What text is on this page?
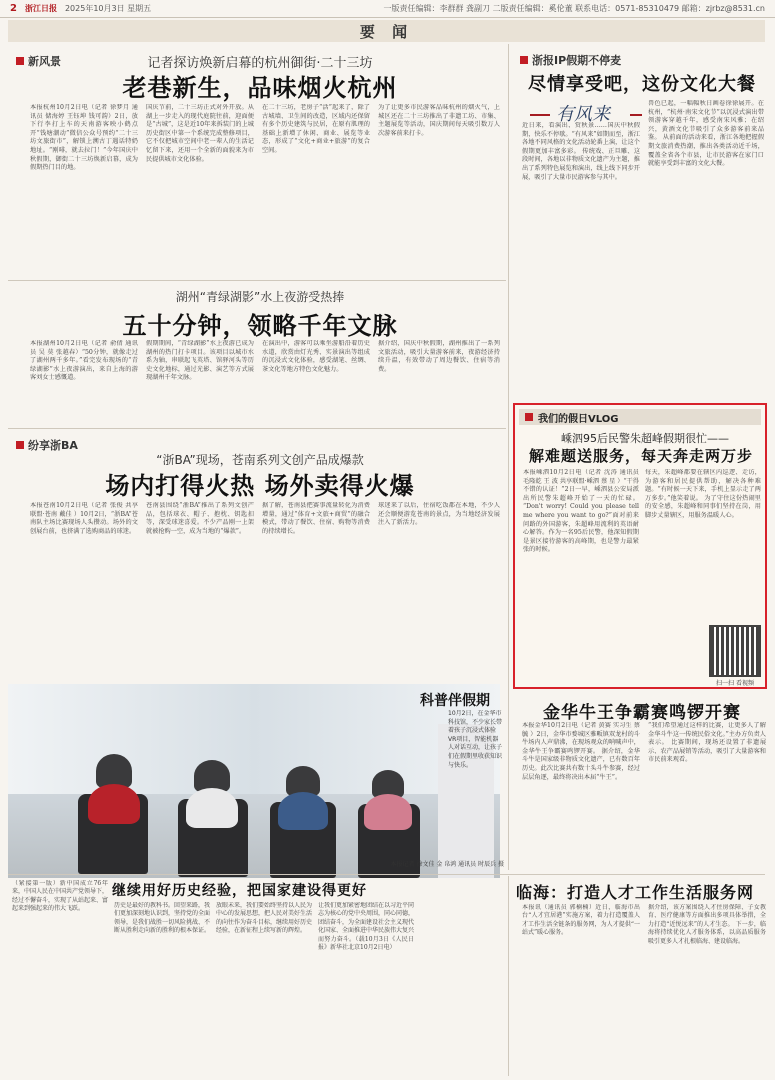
2 浙江日报 2025年10月3日 星期五	一版责任编辑：李群群 龚副刀 二版责任编辑：奚伦董 联系电话：0571-85310479 邮箱：zjrbz@8531.cn
要 闻
新风景	记者探访焕新启幕的杭州御街·二十三坊
老巷新生，品味烟火杭州
本报杭州10月2日电（记者 徐梦月 通讯员 储海婷 王钰坤 钱可韵）2日，放下行李打上车的天南游客映小鹤点开“钱塘潮动”微信公众号预约“二十三坊文旅街市”，解锁上溯古丁遇话特奶地址。“刚啡，就去拉门！”今年国庆中秋假期，御街二十三坊焕新启幕，成为假期热门目的地。
国庆节前，二十三坊正式对外开放。从湖上一步走入的现代庭院往前，迎面便是“古城”，这是近10年来拆装门的上城历史街区中第一个系统完成整修项目，它不仅把城市空间中老一辈人的生活记忆留下来，还用一个全新的面貌来为市民提供城市文化体验。
在二十三坊，老房子“活”起来了，除了古城墙、卫生间的改造，区域内还保留有多个历史建筑与民居，在原有肌理的基础上新增了休闲、商业、展览等业态，形成了“文化+商业+旅游”的复合空间。
为了让更多市民游客品味杭州的烟火气，上城区还在二十三坊推出了非遗工坊、市集、主题展览等活动，国庆期间每天吸引数万人次游客前来打卡。
湖州“青绿湖影”水上夜游受热捧
五十分钟，领略千年文脉
本报湖州10月2日电（记者 俞倩 通讯员 吴 莫 张越春）“50分钟，就像走过了湖州两千多年。”看完发布现场的“青绿湖影”水上夜游演出，来自上海的游客刘女士感慨道。
假期期间，“青绿湖影”水上夜游已成为湖州的热门打卡项目。该项目以城市水系为轴，串联起飞英塔、馆驿河头等历史文化地标，通过光影、演艺等方式展现湖州千年文脉。
在演出中，游客可以乘坐游船沿着历史水道，欣赏由灯光秀、实景演出等组成的沉浸式文化体验，感受湖笔、丝绸、茶文化等地方特色文化魅力。
据介绍，国庆中秋假期，湖州推出了一系列文旅活动，吸引大量游客前来，夜游经济持续升温，有效带动了周边餐饮、住宿等消费。
纷享浙BA
“浙BA”现场，苍南系列文创产品成爆款
场内打得火热 场外卖得火爆
本报苍南10月2日电（记者 张俊 共享联盟·苍南 戴佳 ）10月2日，“浙BA”苍南队主场比赛现场人头攒动。场外的文创展台前，也挤满了选购商品的球迷。
苍南县围绕“浙BA”推出了系列文创产品，包括球衣、帽子、抱枕、钥匙扣等，深受球迷喜爱。不少产品刚一上架就被抢购一空，成为当地的“爆款”。
据了解，苍南县把赛事流量转化为消费增量，通过“体育+文旅+商贸”的融合模式，带动了餐饮、住宿、购物等消费的持续增长。
球迷来了以后，住宿吃饭都在本地，不少人还会顺便游览苍南的景点，为当地经济发展注入了新活力。
科普伴假期
10月2日，在金华市科技馆，不少家长带着孩子沉浸式体验VR项目，智能机器人对话互动，让孩子们在假期里收获知识与快乐。
本报记者 徐文佳 金 帛鸿 通讯员 时辰兵 摄
浙报IP假期不停麦
尽情享受吧，这份文化大餐
有风来
近日来，看演出、赏秋景……国庆中秋假期，快乐不停歇。“有风来”如期而至，浙江各地不同风格的文化活动轮番上演，让这个假期更加丰富多彩。 传统戏、正旦雕、这段时间，各地以非物质文化遗产为主题，推出了系列特色展览和演出，线上线下同步开展，吸引了大量市民游客参与其中。
兽色已起，一幅幅秋日画卷徐徐展开。在杭州，“杭州·南宋文化节”以沉浸式演出带领游客穿越千年，感受南宋风雅；在绍兴，黄酒文化节吸引了众多游客前来品鉴。 从前面的活动来看，浙江各地把握假期文旅消费热潮，推出各类活动近千场，覆盖全省各个市县，让市民游客在家门口就能享受到丰富的文化大餐。
我们的假日VLOG
嵊泗95后民警朱超峰假期很忙——
解难题送服务，每天奔走两万步
本报嵊泗10月2日电（记者 沈涛 通讯员 毛隆乾 王 波 共享联盟·嵊泗 蔡 星 ）“干得不错的认证！”2日一早，嵊泗县公安局派出所民警朱超峰开始了一天的忙碌。 “Don't worry! Could you please tell me where you want to go?”面对前来问路的外国游客，朱超峰用流利的英语耐心解答。作为一名95后民警，他深知假期是景区接待游客的高峰期，也是警力最紧张的时候。
每天，朱超峰都要在辖区内巡逻、走访，为游客和居民提供帮助，解决各种难题。“有时候一天下来，手机上显示走了两万多步。”他笑着说。 为了守住这份热闹里的安全感，朱超峰和同事们坚持在岗，用脚步丈量辖区，用服务温暖人心。
扫一扫 看视频
金华牛王争霸赛鸣锣开赛
本报金华10月2日电（记者 黄赛 实习生 蔡 毓 ）2日，金华市婺城区雅畈镇双龙村的斗牛场内人声鼎沸，在现场观众的呐喊声中，金华牛王争霸赛鸣锣开赛。 据介绍，金华斗牛是国家级非物质文化遗产，已有数百年历史。此次比赛共有数十头斗牛参赛，经过层层角逐，最终将决出本届“牛王”。
“我们希望通过这样的比赛，让更多人了解金华斗牛这一传统民俗文化。”主办方负责人表示。 比赛期间，现场还设置了非遗展示、农产品展销等活动，吸引了大量游客和市民前来观看。
（紧接第一版）新中国成立76年来，中国人民在中国共产党领导下，经过不懈奋斗，实现了从站起来、富起来到强起来的伟大飞跃。
继续用好历史经验，把国家建设得更好
历史是最好的教科书。回望来路，我们更加深刻地认识到，坚持党的全面领导，是我们战胜一切风险挑战、不断从胜利走向新的胜利的根本保证。
放眼未来，我们要始终坚持以人民为中心的发展思想，把人民对美好生活的向往作为奋斗目标，继续用好历史经验，在新征程上续写新的辉煌。
让我们更加紧密地团结在以习近平同志为核心的党中央周围，同心同德，团结奋斗，为全面建设社会主义现代化国家、全面推进中华民族伟大复兴而努力奋斗。（载10月3日《人民日报》新华社北京10月2日电）
临海：打造人才工作生活服务网
本报讯（通讯员 郭楠楠）近日，临海市出台“人才宜居港”实施方案，着力打造覆盖人才工作生活全链条的服务网，为人才提供“一站式”暖心服务。
据介绍，该方案围绕人才住房保障、子女教育、医疗健康等方面推出多项具体举措，全力打造“近悦远来”的人才生态。 下一步，临海将持续优化人才服务体系，以高品质服务吸引更多人才扎根临海、建设临海。
